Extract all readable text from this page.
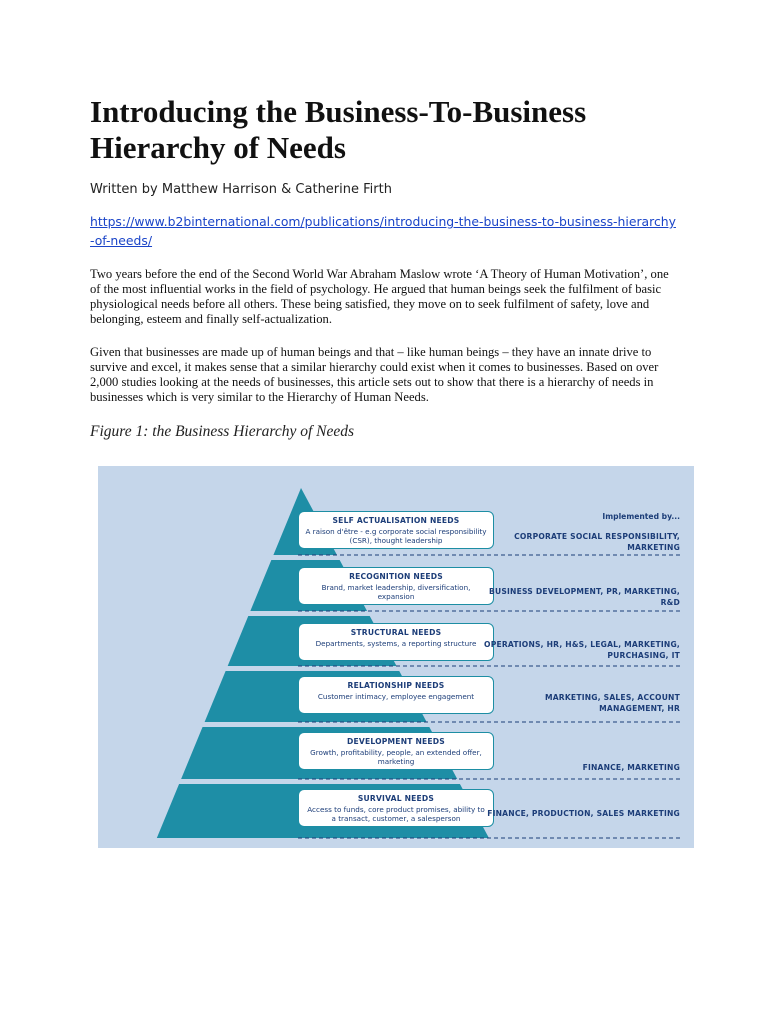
Introducing the Business-To-Business Hierarchy of Needs

Written by Matthew Harrison & Catherine Firth

https://www.b2binternational.com/publications/introducing-the-business-to-business-hierarchy-of-needs/

Two years before the end of the Second World War Abraham Maslow wrote ‘A Theory of Human Motivation’, one of the most influential works in the field of psychology. He argued that human beings seek the fulfilment of basic physiological needs before all others. These being satisfied, they move on to seek fulfilment of safety, love and belonging, esteem and finally self-actualization.

Given that businesses are made up of human beings and that – like human beings – they have an innate drive to survive and excel, it makes sense that a similar hierarchy could exist when it comes to businesses. Based on over 2,000 studies looking at the needs of businesses, this article sets out to show that there is a hierarchy of needs in businesses which is very similar to the Hierarchy of Human Needs.

Figure 1: the Business Hierarchy of Needs

Implemented by...
SELF ACTUALISATION NEEDS
A raison d'être - e.g corporate social responsibility (CSR), thought leadership	CORPORATE SOCIAL RESPONSIBILITY, MARKETING
RECOGNITION NEEDS
Brand, market leadership, diversification, expansion
BUSINESS DEVELOPMENT, PR, MARKETING, R&D
STRUCTURAL NEEDS
Departments, systems, a reporting structure	OPERATIONS, HR, H&S, LEGAL, MARKETING, PURCHASING, IT
RELATIONSHIP NEEDS
Customer intimacy, employee engagement	MARKETING, SALES, ACCOUNT MANAGEMENT, HR
DEVELOPMENT NEEDS
Growth, profitability, people, an extended offer, marketing
FINANCE, MARKETING
SURVIVAL NEEDS
Access to funds, core product promises, ability to a transact, customer, a salesperson
FINANCE, PRODUCTION, SALES MARKETING
